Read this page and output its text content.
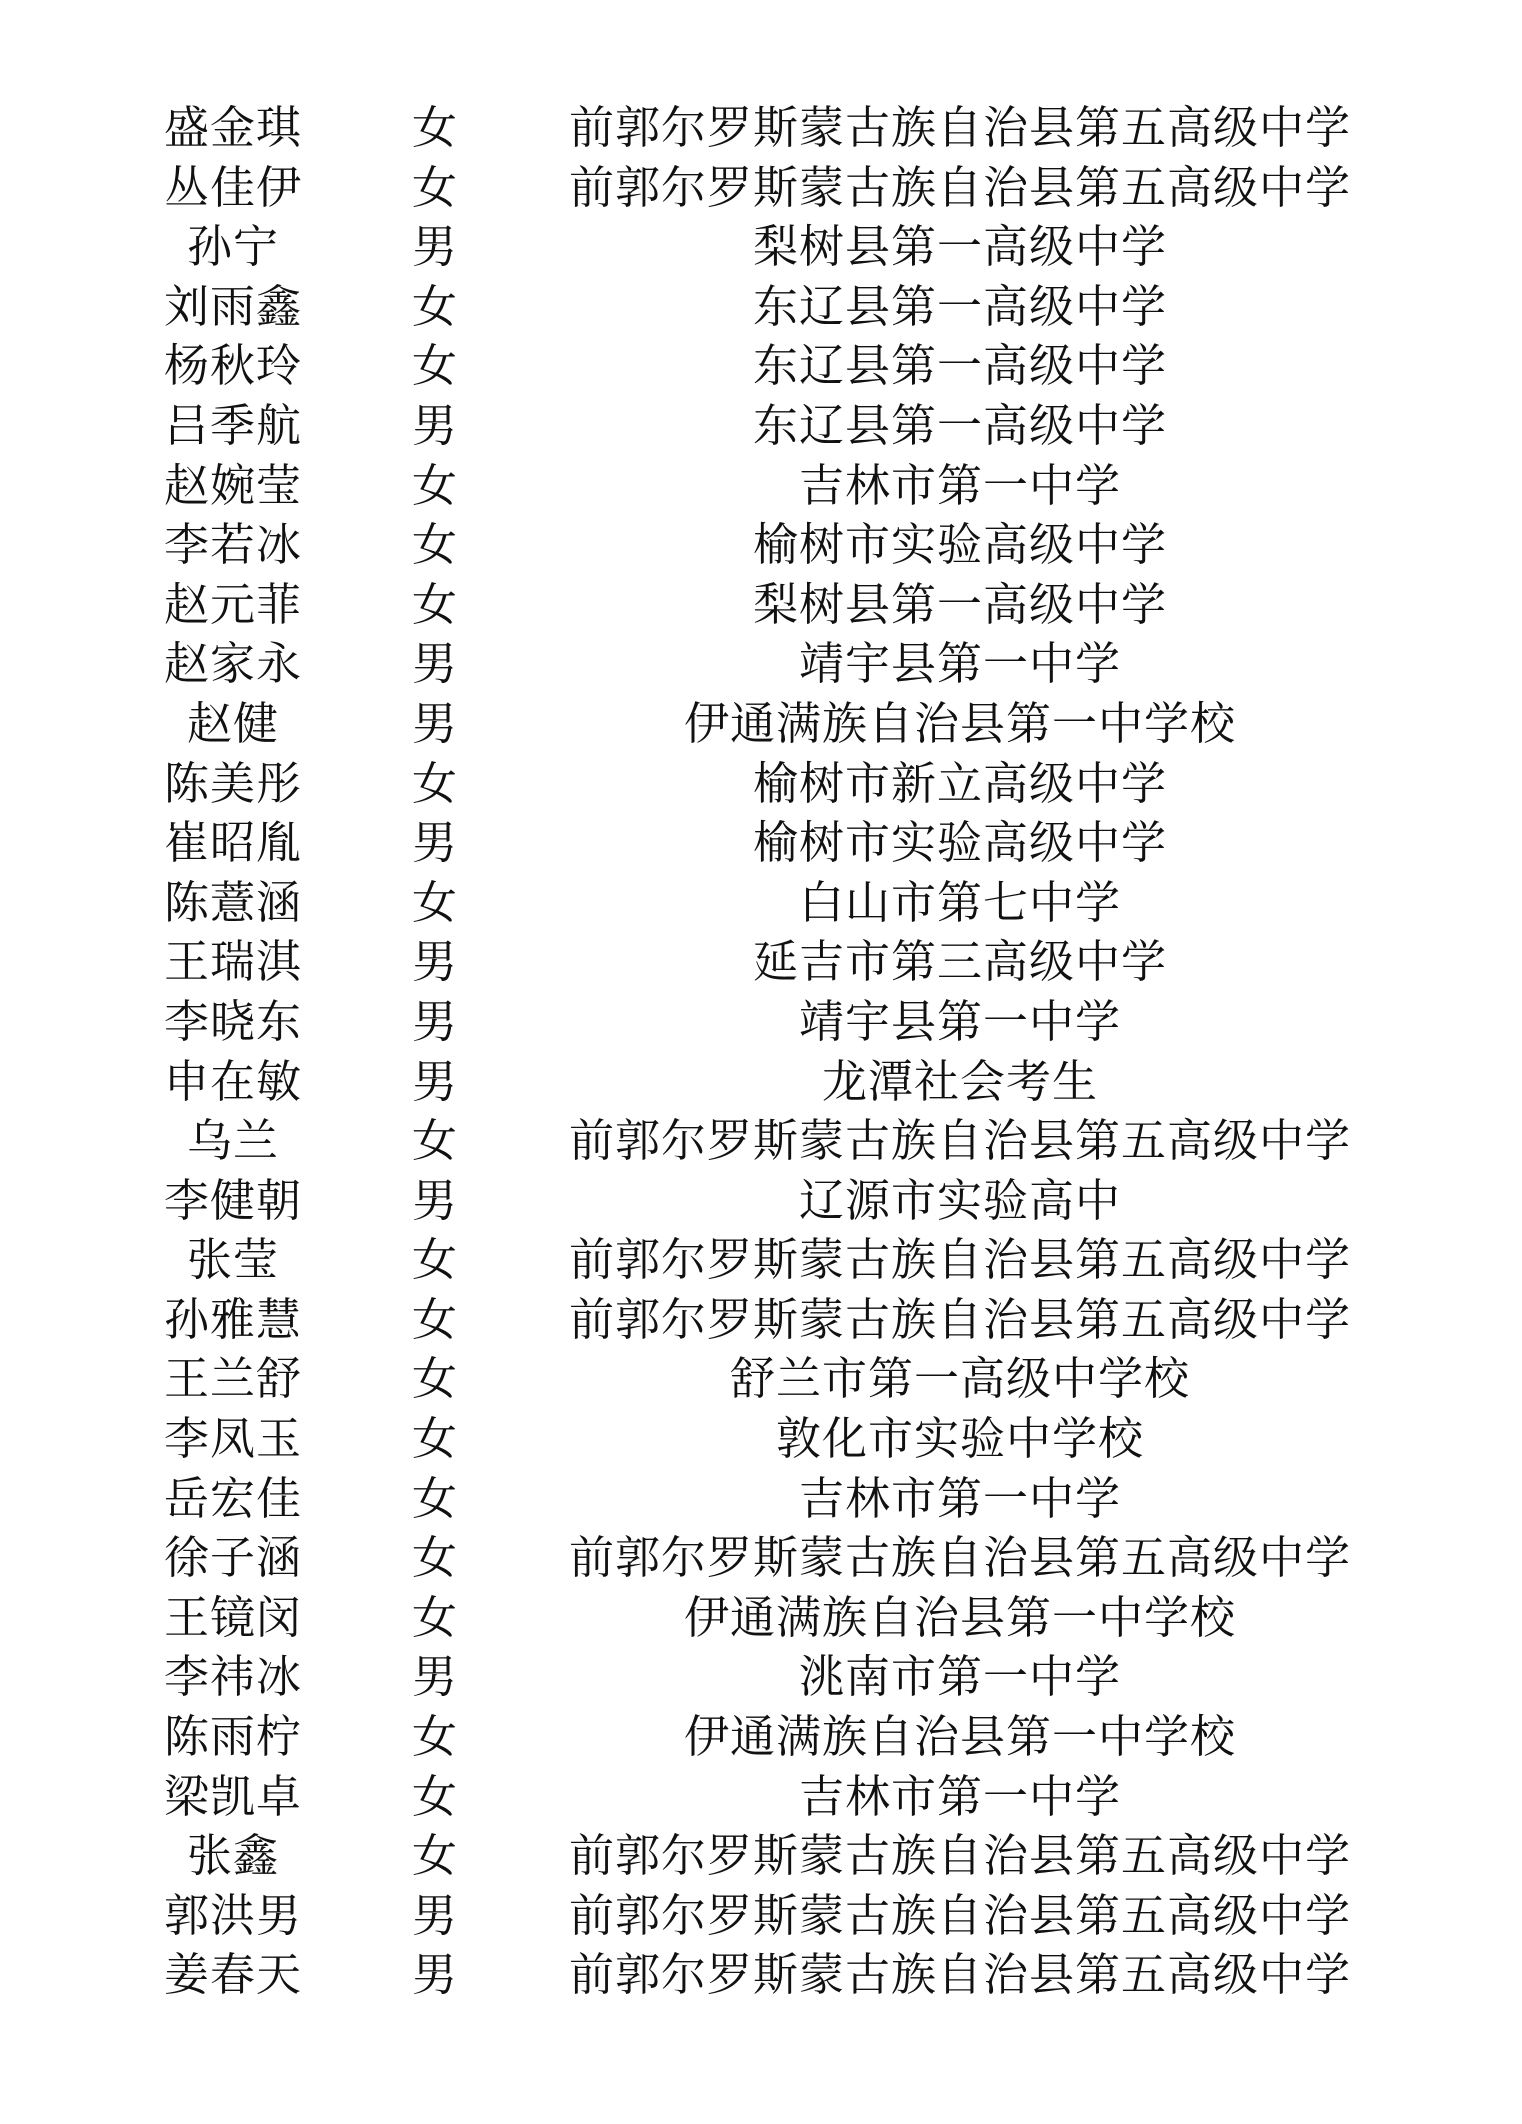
盛金琪	女	前郭尔罗斯蒙古族自治县第五高级中学
丛佳伊	女	前郭尔罗斯蒙古族自治县第五高级中学
孙宁	男	梨树县第一高级中学
刘雨鑫	女	东辽县第一高级中学
杨秋玲	女	东辽县第一高级中学
吕季航	男	东辽县第一高级中学
赵婉莹	女	吉林市第一中学
李若冰	女	榆树市实验高级中学
赵元菲	女	梨树县第一高级中学
赵家永	男	靖宇县第一中学
赵健	男	伊通满族自治县第一中学校
陈美彤	女	榆树市新立高级中学
崔昭胤	男	榆树市实验高级中学
陈薏涵	女	白山市第七中学
王瑞淇	男	延吉市第三高级中学
李晓东	男	靖宇县第一中学
申在敏	男	龙潭社会考生
乌兰	女	前郭尔罗斯蒙古族自治县第五高级中学
李健朝	男	辽源市实验高中
张莹	女	前郭尔罗斯蒙古族自治县第五高级中学
孙雅慧	女	前郭尔罗斯蒙古族自治县第五高级中学
王兰舒	女	舒兰市第一高级中学校
李凤玉	女	敦化市实验中学校
岳宏佳	女	吉林市第一中学
徐子涵	女	前郭尔罗斯蒙古族自治县第五高级中学
王镜闵	女	伊通满族自治县第一中学校
李祎冰	男	洮南市第一中学
陈雨柠	女	伊通满族自治县第一中学校
梁凯卓	女	吉林市第一中学
张鑫	女	前郭尔罗斯蒙古族自治县第五高级中学
郭洪男	男	前郭尔罗斯蒙古族自治县第五高级中学
姜春天	男	前郭尔罗斯蒙古族自治县第五高级中学
